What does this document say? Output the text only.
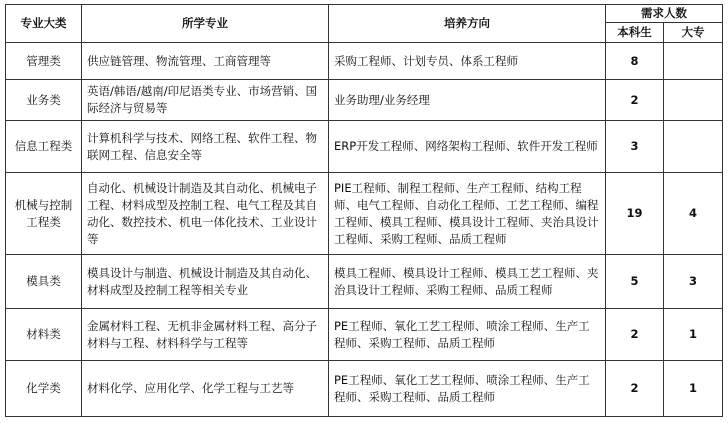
专业大类	所学专业	培养方向	需求人数	
			本科生	大专
管理类	供应链管理、物流管理、工商管理等	采购工程师、计划专员、体系工程师	8	
业务类	英语/韩语/越南/印尼语类专业、市场营销、国际经济与贸易等	业务助理/业务经理	2	
信息工程类	计算机科学与技术、网络工程、软件工程、物联网工程、信息安全等	ERP开发工程师、网络架构工程师、软件开发工程师	3	
机械与控制工程类	自动化、机械设计制造及其自动化、机械电子工程、材料成型及控制工程、电气工程及其自动化、数控技术、机电一体化技术、工业设计等	PIE工程师、制程工程师、生产工程师、结构工程师、电气工程师、自动化工程师、工艺工程师、编程工程师、模具工程师、模具设计工程师、夹治具设计工程师、采购工程师、品质工程师	19	4
模具类	模具设计与制造、机械设计制造及其自动化、材料成型及控制工程等相关专业	模具工程师、模具设计工程师、模具工艺工程师、夹治具设计工程师、采购工程师、品质工程师	5	3
材料类	金属材料工程、无机非金属材料工程、高分子材料与工程、材料科学与工程等	PE工程师、氧化工艺工程师、喷涂工程师、生产工程师、采购工程师、品质工程师	2	1
化学类	材料化学、应用化学、化学工程与工艺等	PE工程师、氧化工艺工程师、喷涂工程师、生产工程师、采购工程师、品质工程师	2	1
